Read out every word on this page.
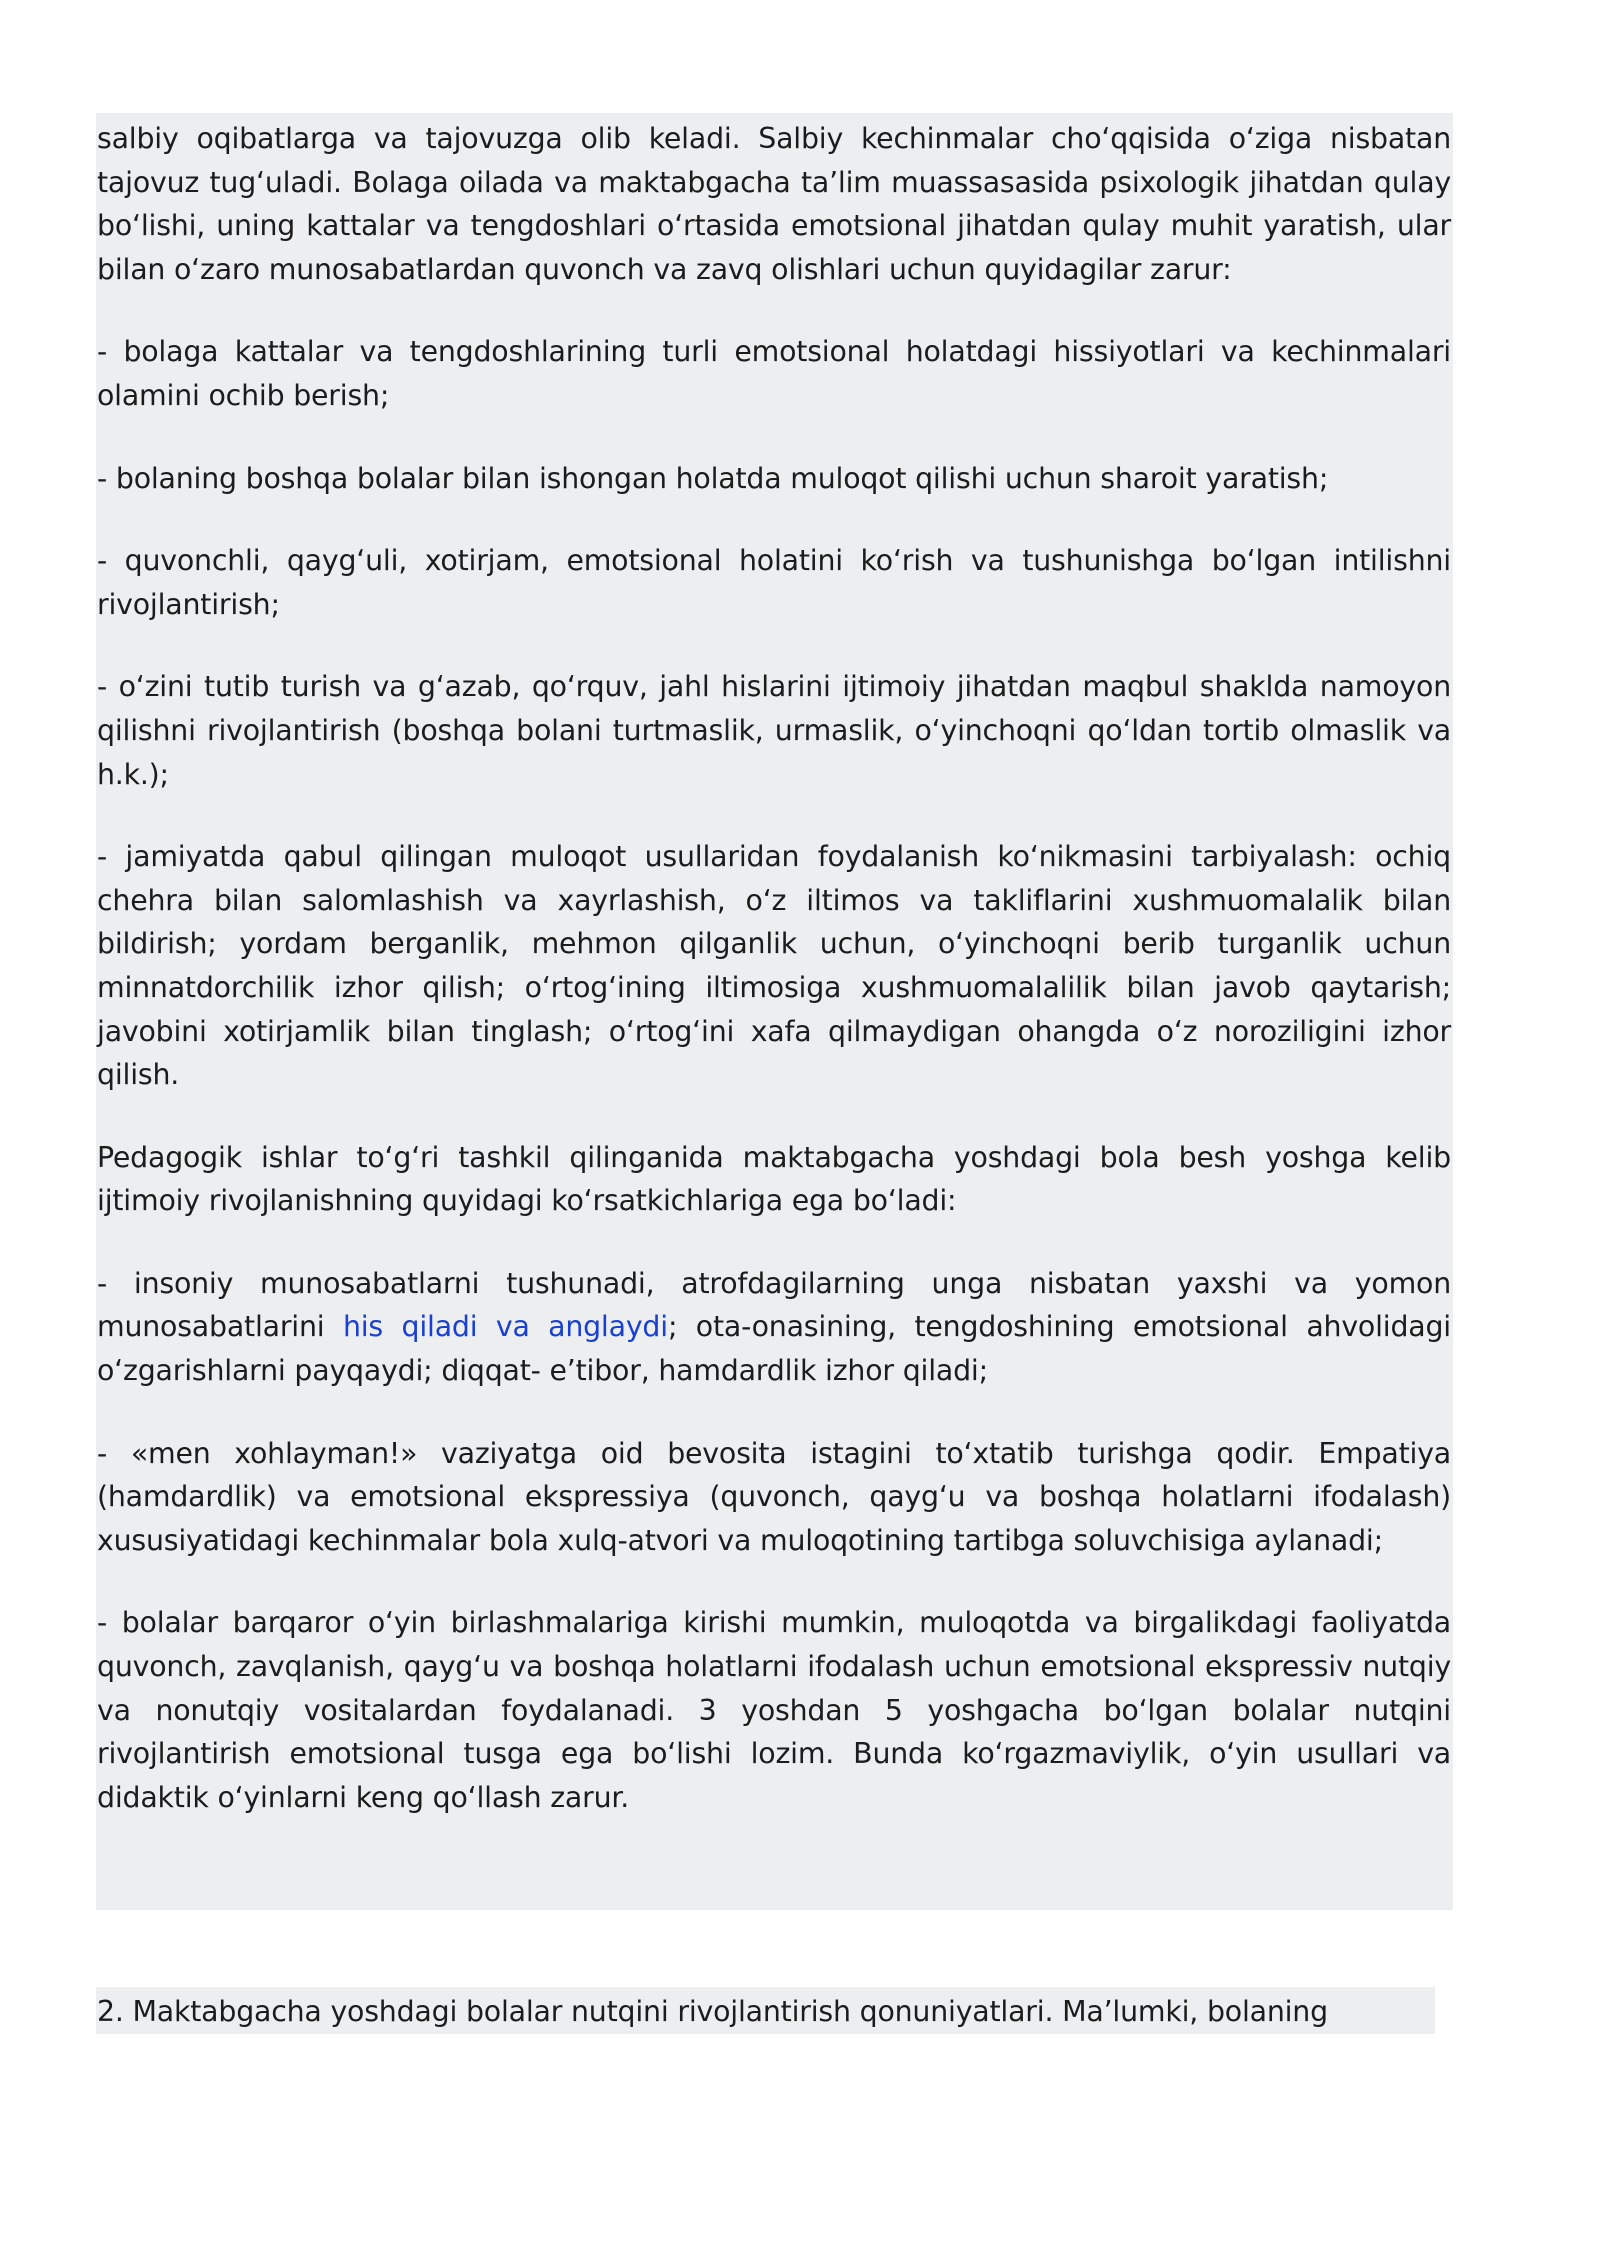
salbiy oqibatlarga va tajovuzga olib keladi. Salbiy kechinmalar cho‘qqisida o‘ziga nisbatan tajovuz tug‘uladi. Bolaga oilada va maktabgacha ta’lim muassasasida psixologik jihatdan qulay bo‘lishi, uning kattalar va tengdoshlari o‘rtasida emotsional jihatdan qulay muhit yaratish, ular bilan o‘zaro munosabatlardan quvonch va zavq olishlari uchun quyidagilar zarur:

- bolaga kattalar va tengdoshlarining turli emotsional holatdagi hissiyotlari va kechinmalari olamini ochib berish;

- bolaning boshqa bolalar bilan ishongan holatda muloqot qilishi uchun sharoit yaratish;

- quvonchli, qayg‘uli, xotirjam, emotsional holatini ko‘rish va tushunishga bo‘lgan intilishni rivojlantirish;

- o‘zini tutib turish va g‘azab, qo‘rquv, jahl hislarini ijtimoiy jihatdan maqbul shaklda namoyon qilishni rivojlantirish (boshqa bolani turtmaslik, urmaslik, o‘yinchoqni qo‘ldan tortib olmaslik va h.k.);

- jamiyatda qabul qilingan muloqot usullaridan foydalanish ko‘nikmasini tarbiyalash: ochiq chehra bilan salomlashish va xayrlashish, o‘z iltimos va takliflarini xushmuomalalik bilan bildirish; yordam berganlik, mehmon qilganlik uchun, o‘yinchoqni berib turganlik uchun minnatdorchilik izhor qilish; o‘rtog‘ining iltimosiga xushmuomalalilik bilan javob qaytarish; javobini xotirjamlik bilan tinglash; o‘rtog‘ini xafa qilmaydigan ohangda o‘z noroziligini izhor qilish.

Pedagogik ishlar to‘g‘ri tashkil qilinganida maktabgacha yoshdagi bola besh yoshga kelib ijtimoiy rivojlanishning quyidagi ko‘rsatkichlariga ega bo‘ladi:

- insoniy munosabatlarni tushunadi, atrofdagilarning unga nisbatan yaxshi va yomon munosabatlarini his qiladi va anglaydi; ota-onasining, tengdoshining emotsional ahvolidagi o‘zgarishlarni payqaydi; diqqat- e’tibor, hamdardlik izhor qiladi;

- «men xohlayman!» vaziyatga oid bevosita istagini to‘xtatib turishga qodir. Empatiya (hamdardlik) va emotsional ekspressiya (quvonch, qayg‘u va boshqa holatlarni ifodalash) xususiyatidagi kechinmalar bola xulq-atvori va muloqotining tartibga soluvchisiga aylanadi;

- bolalar barqaror o‘yin birlashmalariga kirishi mumkin, muloqotda va birgalikdagi faoliyatda quvonch, zavqlanish, qayg‘u va boshqa holatlarni ifodalash uchun emotsional ekspressiv nutqiy va nonutqiy vositalardan foydalanadi. 3 yoshdan 5 yoshgacha bo‘lgan bolalar nutqini rivojlantirish emotsional tusga ega bo‘lishi lozim. Bunda ko‘rgazmaviylik, o‘yin usullari va didaktik o‘yinlarni keng qo‘llash zarur.

2. Maktabgacha yoshdagi bolalar nutqini rivojlantirish qonuniyatlari. Ma’lumki, bolaning
